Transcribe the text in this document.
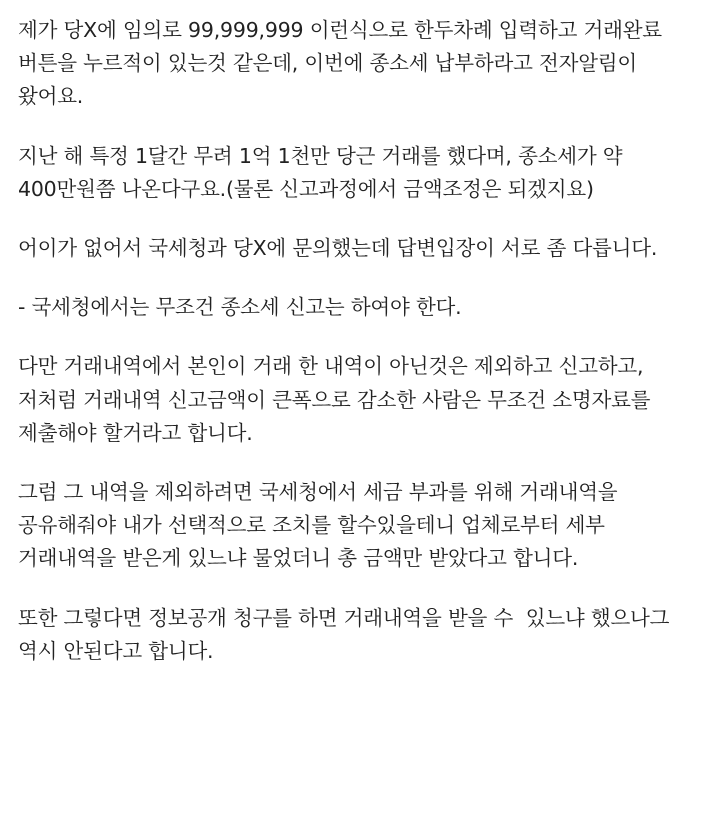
제가 당X에 임의로 99,999,999 이런식으로 한두차례 입력하고 거래완료 버튼을 누르적이 있는것 같은데, 이번에 종소세 납부하라고 전자알림이 왔어요.

지난 해 특정 1달간 무려 1억 1천만 당근 거래를 했다며, 종소세가 약 400만원쯤 나온다구요.(물론 신고과정에서 금액조정은 되겠지요)

어이가 없어서 국세청과 당X에 문의했는데 답변입장이 서로 좀 다릅니다.

- 국세청에서는 무조건 종소세 신고는 하여야 한다.

다만 거래내역에서 본인이 거래 한 내역이 아닌것은 제외하고 신고하고, 저처럼 거래내역 신고금액이 큰폭으로 감소한 사람은 무조건 소명자료를 제출해야 할거라고 합니다.

그럼 그 내역을 제외하려면 국세청에서 세금 부과를 위해 거래내역을 공유해줘야 내가 선택적으로 조치를 할수있을테니 업체로부터 세부 거래내역을 받은게 있느냐 물었더니 총 금액만 받았다고 합니다.

또한 그렇다면 정보공개 청구를 하면 거래내역을 받을 수  있느냐 했으나그 역시 안된다고 합니다.
